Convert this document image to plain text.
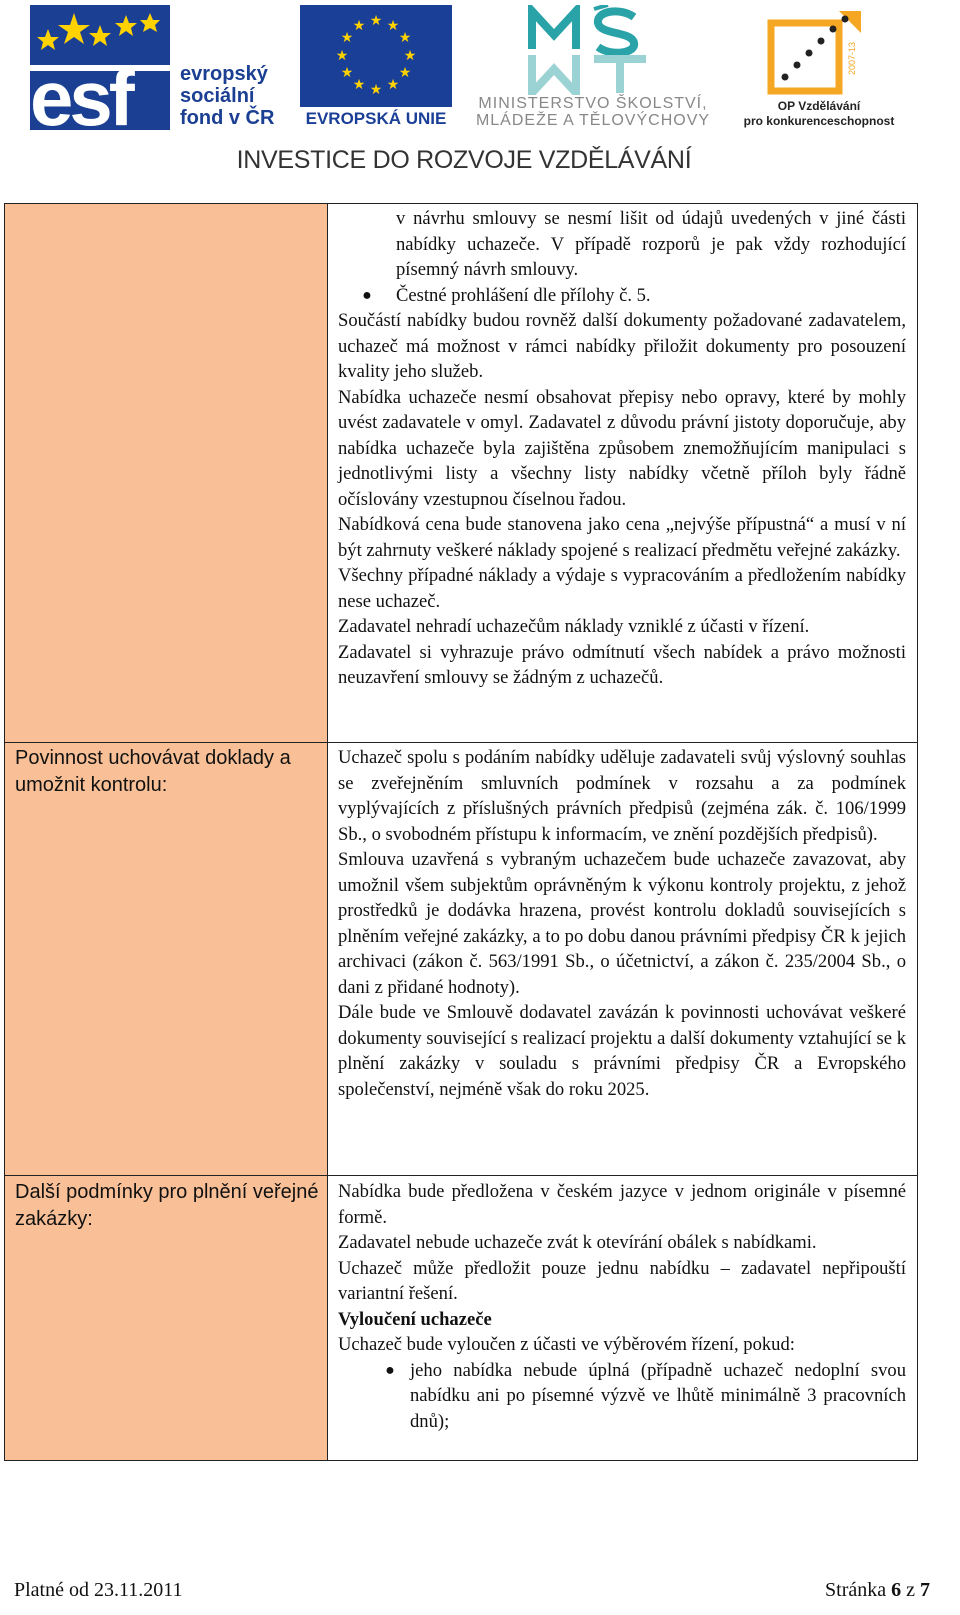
esf evropský
sociální
fond v ČR
★ ★
★
★
★
★
★
★
★
★
★
★
EVROPSKÁ UNIE
MINISTERSTVO ŠKOLSTVÍ,
MLÁDEŽE A TĚLOVÝCHOVY
2007-13
OP Vzdělávání
pro konkurenceschopnost
INVESTICE DO ROZVOJE VZDĚLÁVÁNÍ
Povinnost uchovávat doklady a umožnit kontrolu:
Další podmínky pro plnění veřejné zakázky:
v návrhu smlouvy se nesmí lišit od údajů uvedených v jiné části nabídky uchazeče. V případě rozporů je pak vždy rozhodující písemný návrh smlouvy.
●	Čestné prohlášení dle přílohy č. 5.
Součástí nabídky budou rovněž další dokumenty požadované zadavatelem, uchazeč má možnost v rámci nabídky přiložit dokumenty pro posouzení kvality jeho služeb.
Nabídka uchazeče nesmí obsahovat přepisy nebo opravy, které by mohly uvést zadavatele v omyl. Zadavatel z důvodu právní jistoty doporučuje, aby nabídka uchazeče byla zajištěna způsobem znemožňujícím manipulaci s jednotlivými listy a všechny listy nabídky včetně příloh byly řádně očíslovány vzestupnou číselnou řadou.
Nabídková cena bude stanovena jako cena „nejvýše přípustná“ a musí v ní být zahrnuty veškeré náklady spojené s realizací předmětu veřejné zakázky.
Všechny případné náklady a výdaje s vypracováním a předložením nabídky nese uchazeč.
Zadavatel nehradí uchazečům náklady vzniklé z účasti v řízení.
Zadavatel si vyhrazuje právo odmítnutí všech nabídek a právo možnosti neuzavření smlouvy se žádným z uchazečů.
Uchazeč spolu s podáním nabídky uděluje zadavateli svůj výslovný souhlas se zveřejněním smluvních podmínek v rozsahu a za podmínek vyplývajících z příslušných právních předpisů (zejména zák. č. 106/1999 Sb., o svobodném přístupu k informacím, ve znění pozdějších předpisů).
Smlouva uzavřená s vybraným uchazečem bude uchazeče zavazovat, aby umožnil všem subjektům oprávněným k výkonu kontroly projektu, z jehož prostředků je dodávka hrazena, provést kontrolu dokladů souvisejících s plněním veřejné zakázky, a to po dobu danou právními předpisy ČR k jejich archivaci (zákon č. 563/1991 Sb., o účetnictví, a zákon č. 235/2004 Sb., o dani z přidané hodnoty).
Dále bude ve Smlouvě dodavatel zavázán k povinnosti uchovávat veškeré dokumenty související s realizací projektu a další dokumenty vztahující se k plnění zakázky v souladu s právními předpisy ČR a Evropského společenství, nejméně však do roku 2025.
Nabídka bude předložena v českém jazyce v jednom originále v písemné formě.
Zadavatel nebude uchazeče zvát k otevírání obálek s nabídkami.
Uchazeč může předložit pouze jednu nabídku – zadavatel nepřipouští variantní řešení.
Vyloučení uchazeče
Uchazeč bude vyloučen z účasti ve výběrovém řízení, pokud:
● jeho nabídka nebude úplná (případně uchazeč nedoplní svou nabídku ani po písemné výzvě ve lhůtě minimálně 3 pracovních dnů);
Platné od 23.11.2011	Stránka 6 z 7
